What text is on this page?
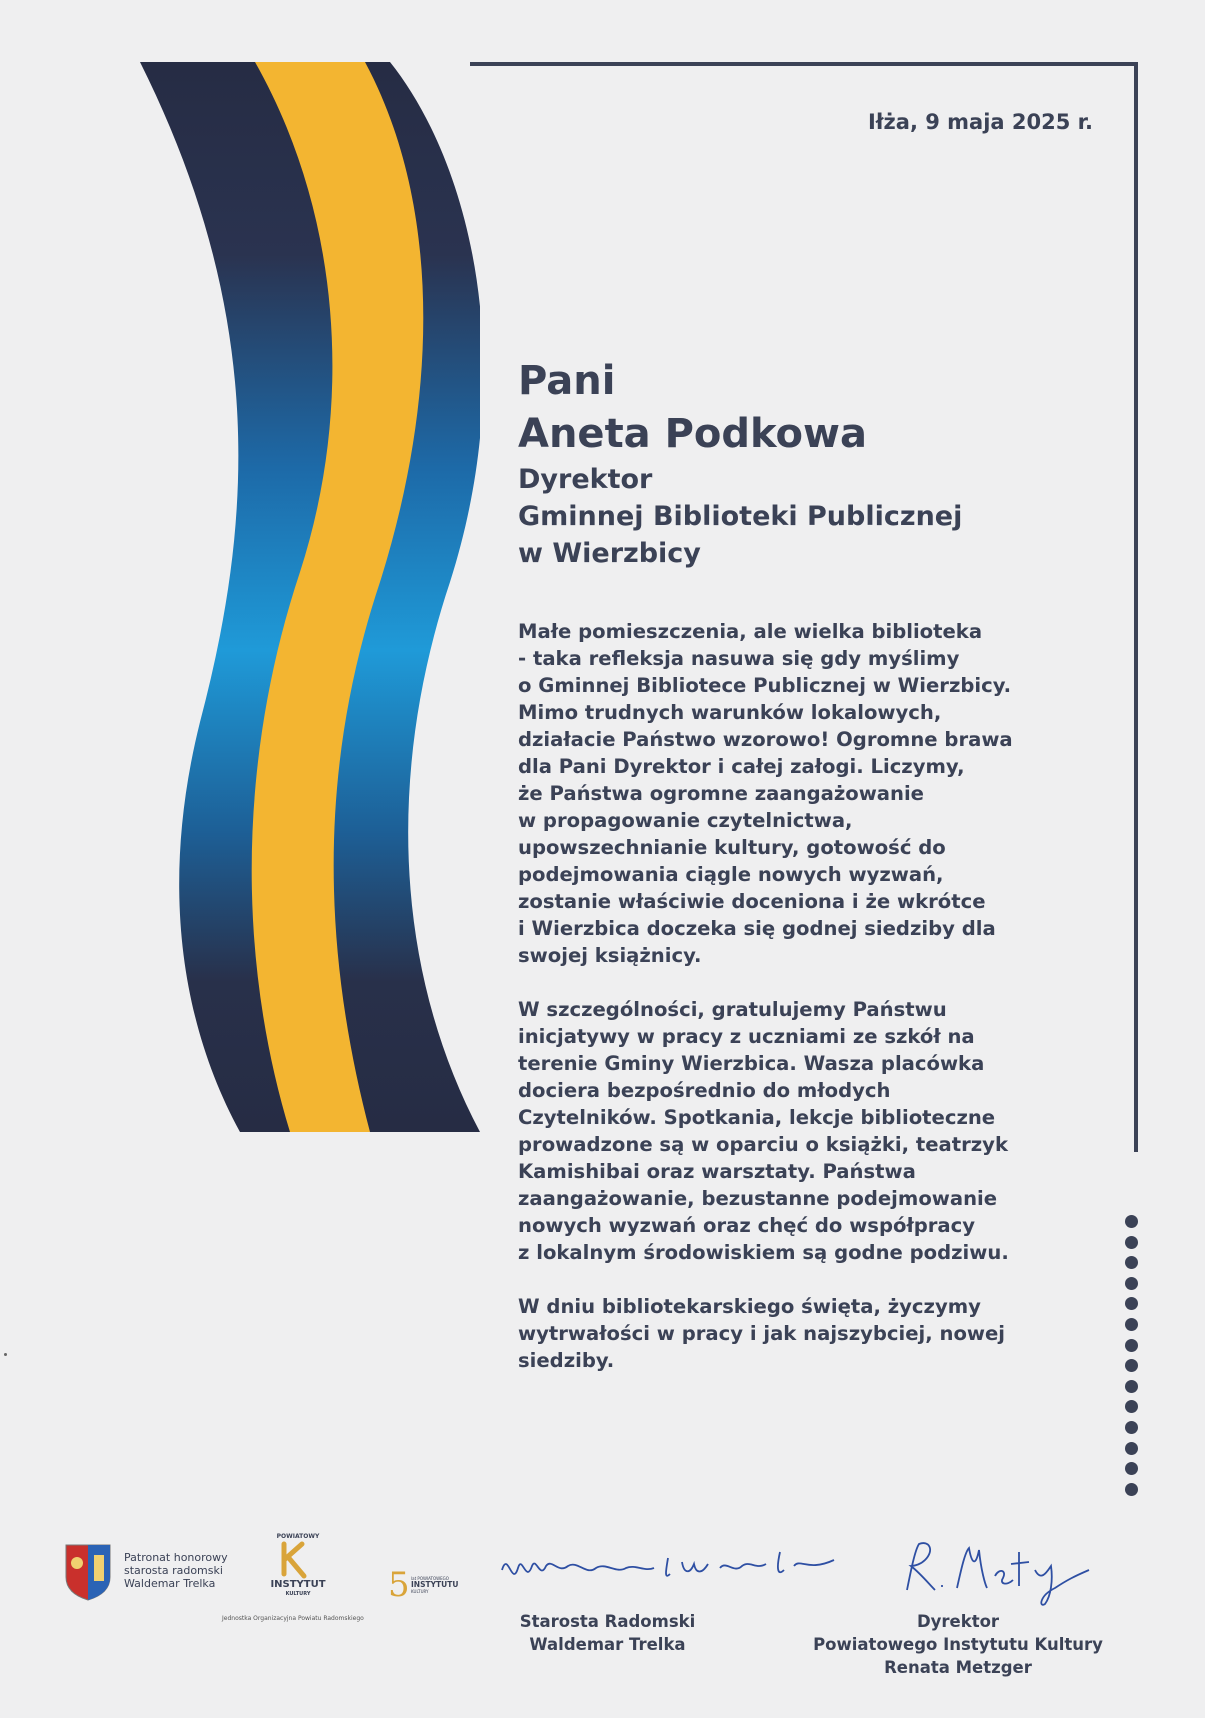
Iłża, 9 maja 2025 r.
Pani
Aneta Podkowa
Dyrektor
Gminnej Biblioteki Publicznej
w Wierzbicy
Małe pomieszczenia, ale wielka biblioteka
- taka refleksja nasuwa się gdy myślimy
o Gminnej Bibliotece Publicznej w Wierzbicy.
Mimo trudnych warunków lokalowych,
działacie Państwo wzorowo! Ogromne brawa
dla Pani Dyrektor i całej załogi. Liczymy,
że Państwa ogromne zaangażowanie
w propagowanie czytelnictwa,
upowszechnianie kultury, gotowość do
podejmowania ciągle nowych wyzwań,
zostanie właściwie doceniona i że wkrótce
i Wierzbica doczeka się godnej siedziby dla
swojej książnicy.
W szczególności, gratulujemy Państwu
inicjatywy w pracy z uczniami ze szkół na
terenie Gminy Wierzbica. Wasza placówka
dociera bezpośrednio do młodych
Czytelników. Spotkania, lekcje biblioteczne
prowadzone są w oparciu o książki, teatrzyk
Kamishibai oraz warsztaty. Państwa
zaangażowanie, bezustanne podejmowanie
nowych wyzwań oraz chęć do współpracy
z lokalnym środowiskiem są godne podziwu.
W dniu bibliotekarskiego święta, życzymy
wytrwałości w pracy i jak najszybciej, nowej
siedziby.
Patronat honorowy
starosta radomski
Waldemar Trelka
POWIATOWY
INSTYTUT
KULTURY
Jednostka Organizacyjna Powiatu Radomskiego
5 lat POWIATOWEGO
INSTYTUTU
KULTURY
Starosta Radomski
Waldemar Trelka
Dyrektor
Powiatowego Instytutu Kultury
Renata Metzger
